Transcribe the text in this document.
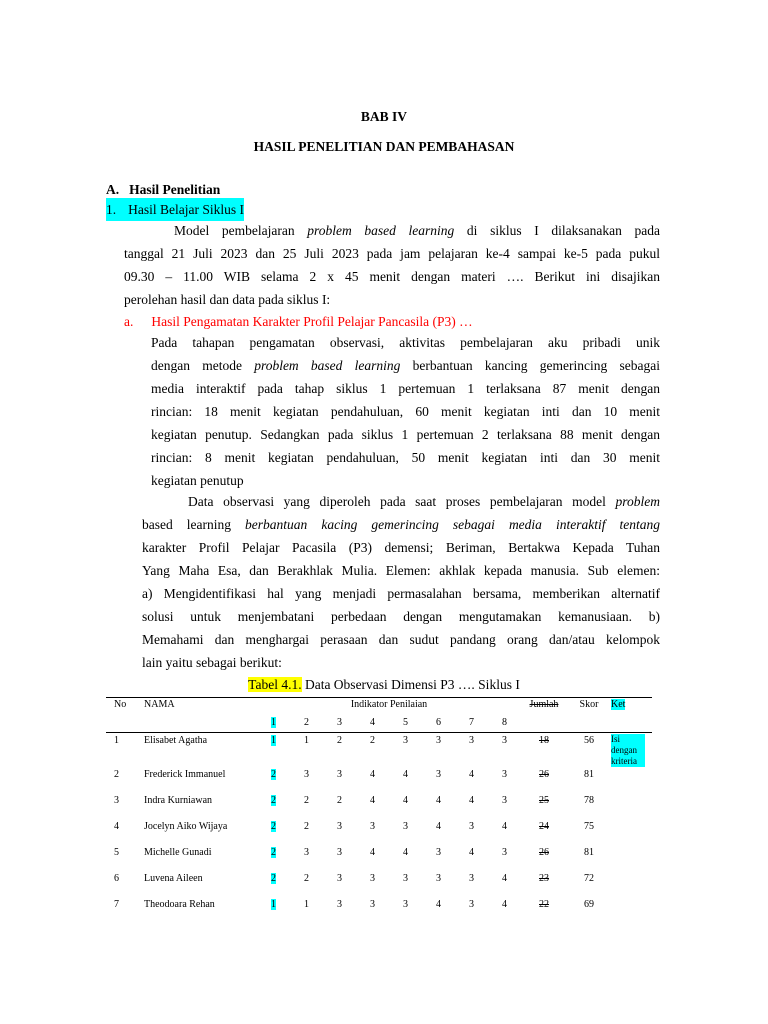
BAB IV
HASIL PENELITIAN DAN PEMBAHASAN
A. Hasil Penelitian
1. Hasil Belajar Siklus I
Model pembelajaran problem based learning di siklus I dilaksanakan pada
tanggal 21 Juli 2023 dan 25 Juli 2023 pada jam pelajaran ke-4 sampai ke-5 pada pukul
09.30 – 11.00 WIB selama 2 x 45 menit dengan materi …. Berikut ini disajikan
perolehan hasil dan data pada siklus I:
a. Hasil Pengamatan Karakter Profil Pelajar Pancasila (P3) …
Pada tahapan pengamatan observasi, aktivitas pembelajaran aku pribadi unik
dengan metode problem based learning berbantuan kancing gemerincing sebagai
media interaktif pada tahap siklus 1 pertemuan 1 terlaksana 87 menit dengan
rincian: 18 menit kegiatan pendahuluan, 60 menit kegiatan inti dan 10 menit
kegiatan penutup. Sedangkan pada siklus 1 pertemuan 2 terlaksana 88 menit dengan
rincian: 8 menit kegiatan pendahuluan, 50 menit kegiatan inti dan 30 menit
kegiatan penutup
Data observasi yang diperoleh pada saat proses pembelajaran model problem
based learning berbantuan kacing gemerincing sebagai media interaktif tentang
karakter Profil Pelajar Pacasila (P3) demensi; Beriman, Bertakwa Kepada Tuhan
Yang Maha Esa, dan Berakhlak Mulia. Elemen: akhlak kepada manusia. Sub elemen:
a) Mengidentifikasi hal yang menjadi permasalahan bersama, memberikan alternatif
solusi untuk menjembatani perbedaan dengan mengutamakan kemanusiaan. b)
Memahami dan menghargai perasaan dan sudut pandang orang dan/atau kelompok
lain yaitu sebagai berikut:
Tabel 4.1. Data Observasi Dimensi P3 …. Siklus I
No	NAMA	Indikator Penilaian								Jumlah	Skor	Ket
		1	2	3	4	5	6	7	8			
1	Elisabet Agatha	1	1	2	2	3	3	3	3	18	56	Isi dengan kriteria
2	Frederick Immanuel	2	3	3	4	4	3	4	3	26	81	
3	Indra Kurniawan	2	2	2	4	4	4	4	3	25	78	
4	Jocelyn Aiko Wijaya	2	2	3	3	3	4	3	4	24	75	
5	Michelle Gunadi	2	3	3	4	4	3	4	3	26	81	
6	Luvena Aileen	2	2	3	3	3	3	3	4	23	72	
7	Theodoara Rehan	1	1	3	3	3	4	3	4	22	69	
